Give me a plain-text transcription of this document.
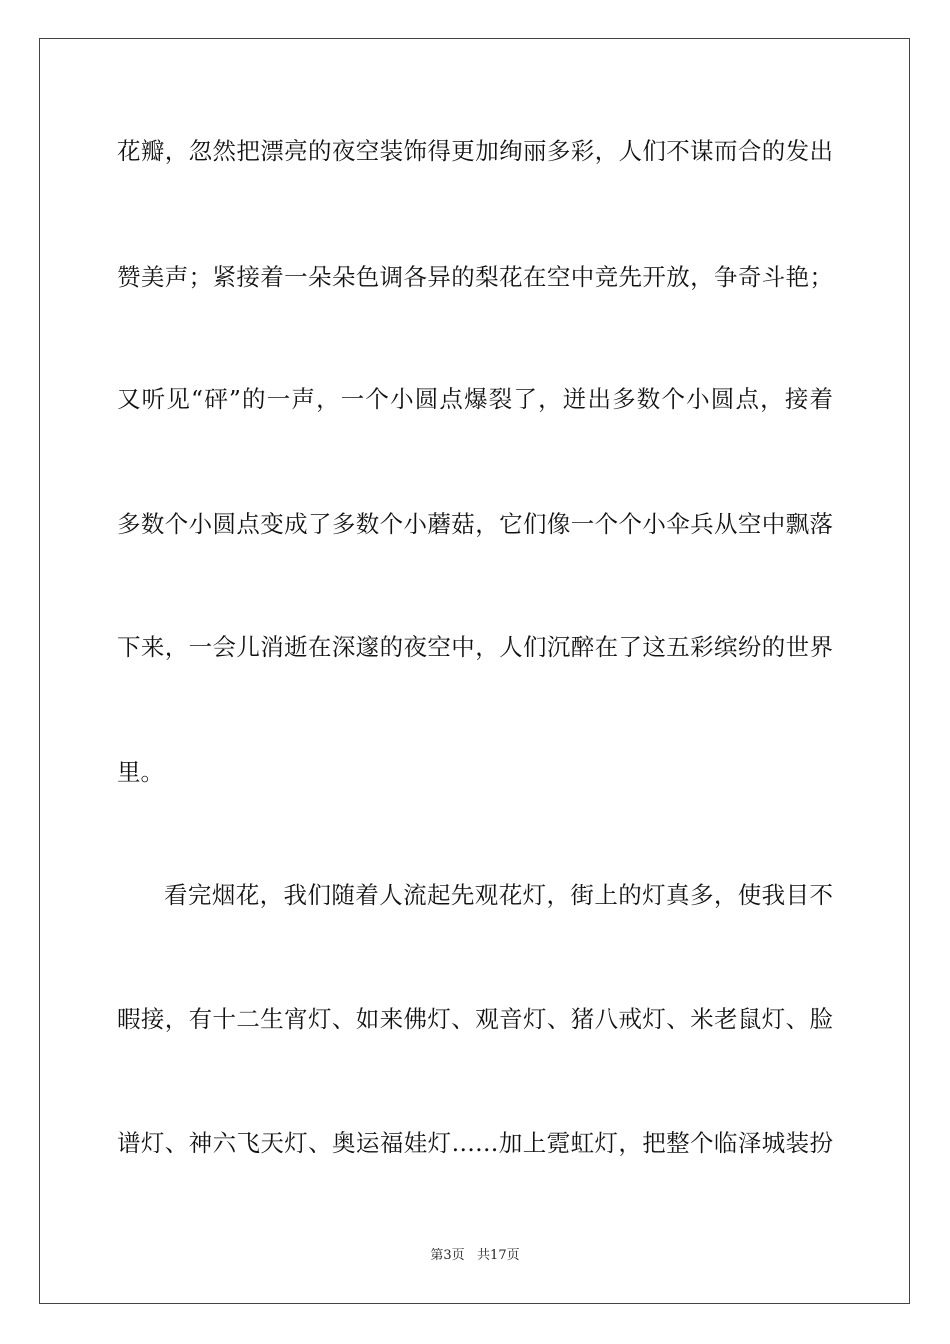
花瓣，忽然把漂亮的夜空装饰得更加绚丽多彩，人们不谋而合的发出
赞美声；紧接着一朵朵色调各异的梨花在空中竞先开放，争奇斗艳；
又听见“砰”的一声，一个小圆点爆裂了，迸出多数个小圆点，接着
多数个小圆点变成了多数个小蘑菇，它们像一个个小伞兵从空中飘落
下来，一会儿消逝在深邃的夜空中，人们沉醉在了这五彩缤纷的世界
里。
看完烟花，我们随着人流起先观花灯，街上的灯真多，使我目不
暇接，有十二生宵灯、如来佛灯、观音灯、猪八戒灯、米老鼠灯、脸
谱灯、神六飞天灯、奥运福娃灯……加上霓虹灯，把整个临泽城装扮
第3页   共17页
